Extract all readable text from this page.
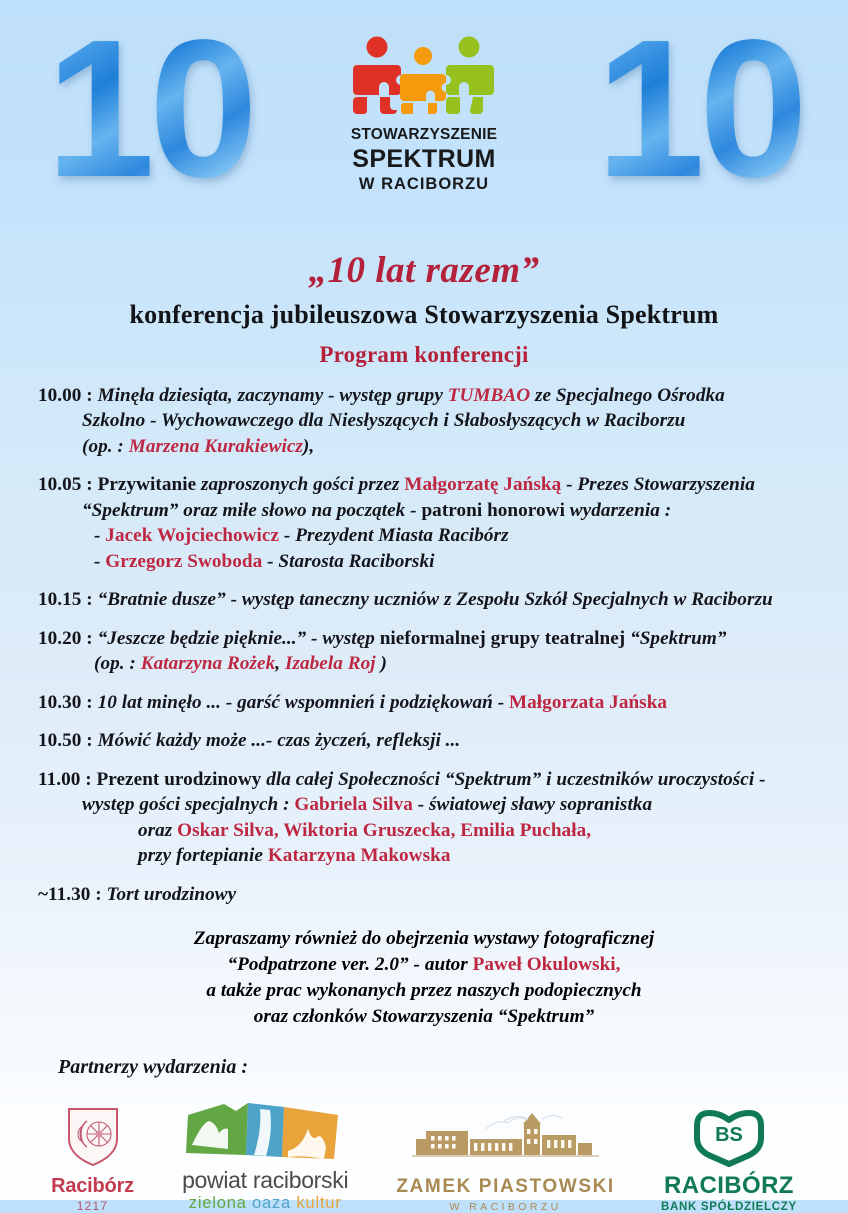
10 10
STOWARZYSZENIE
SPEKTRUM
W RACIBORZU
„10 lat razem”
konferencja jubileuszowa Stowarzyszenia Spektrum
Program konferencji
10.00 : Minęła dziesiąta, zaczynamy - występ grupy TUMBAO ze Specjalnego Ośrodka
Szkolno - Wychowawczego dla Niesłyszących i Słabosłyszących w Raciborzu
(op. : Marzena Kurakiewicz),
10.05 : Przywitanie zaproszonych gości przez Małgorzatę Jańską - Prezes Stowarzyszenia
“Spektrum” oraz miłe słowo na początek - patroni honorowi wydarzenia :
- Jacek Wojciechowicz - Prezydent Miasta Racibórz
- Grzegorz Swoboda - Starosta Raciborski
10.15 : “Bratnie dusze” - występ taneczny uczniów z Zespołu Szkół Specjalnych w Raciborzu
10.20 : “Jeszcze będzie pięknie...” - występ nieformalnej grupy teatralnej “Spektrum”
(op. : Katarzyna Rożek, Izabela Roj )
10.30 : 10 lat minęło ... - garść wspomnień i podziękowań - Małgorzata Jańska
10.50 : Mówić każdy może ...- czas życzeń, refleksji ...
11.00 : Prezent urodzinowy dla całej Społeczności “Spektrum” i uczestników uroczystości -
występ gości specjalnych : Gabriela Silva - światowej sławy sopranistka
oraz Oskar Silva, Wiktoria Gruszecka, Emilia Puchała,
przy fortepianie Katarzyna Makowska
~11.30 : Tort urodzinowy
Zapraszamy również do obejrzenia wystawy fotograficznej
“Podpatrzone ver. 2.0” - autor Paweł Okulowski,
a także prac wykonanych przez naszych podopiecznych
oraz członków Stowarzyszenia “Spektrum”
Partnerzy wydarzenia :
Racibórz
1217
powiat raciborski
zielona oaza kultur
ZAMEK PIASTOWSKI
W RACIBORZU
BS
RACIBÓRZ
BANK SPÓŁDZIELCZY
